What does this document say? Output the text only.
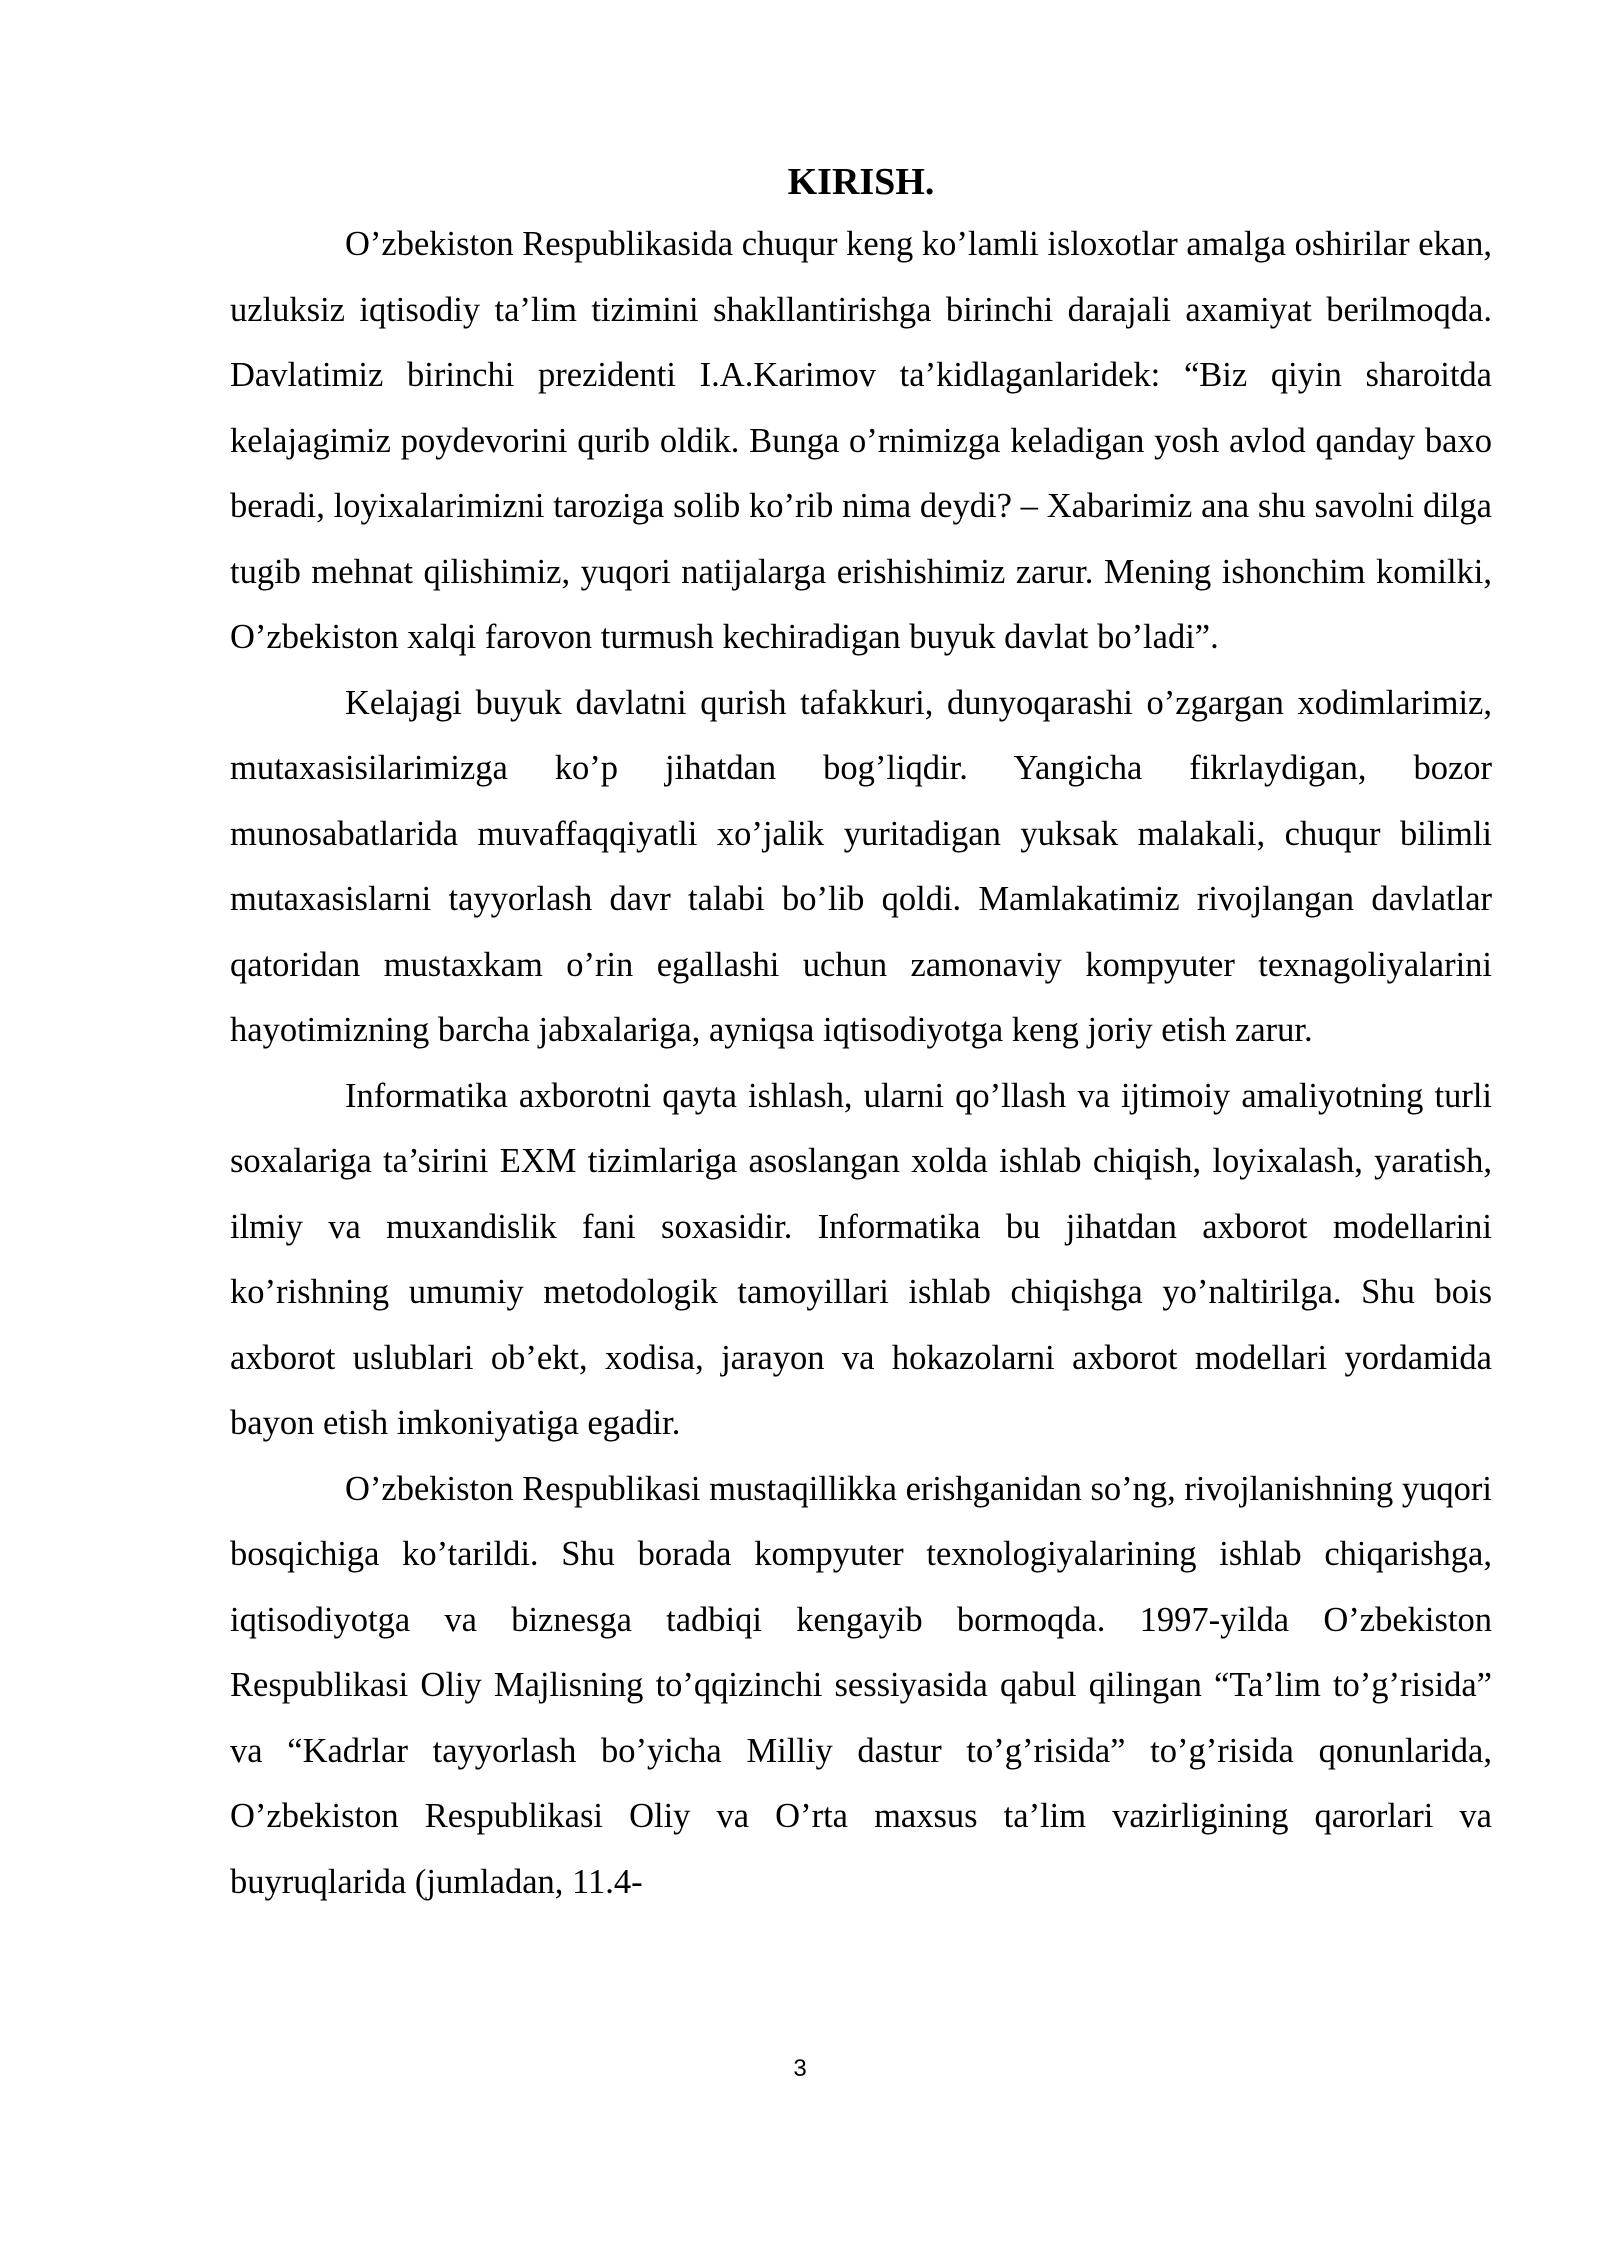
KIRISH.

O’zbekiston Respublikasida chuqur keng ko’lamli isloxotlar amalga oshirilar ekan, uzluksiz iqtisodiy ta’lim tizimini shakllantirishga birinchi darajali axamiyat berilmoqda. Davlatimiz birinchi prezidenti I.A.Karimov ta’kidlaganlaridek: “Biz qiyin sharoitda kelajagimiz poydevorini qurib oldik. Bunga o’rnimizga keladigan yosh avlod qanday baxo beradi, loyixalarimizni taroziga solib ko’rib nima deydi? – Xabarimiz ana shu savolni dilga tugib mehnat qilishimiz, yuqori natijalarga erishishimiz zarur. Mening ishonchim komilki, O’zbekiston xalqi farovon turmush kechiradigan buyuk davlat bo’ladi”.

Kelajagi buyuk davlatni qurish tafakkuri, dunyoqarashi o’zgargan xodimlarimiz, mutaxasisilarimizga ko’p jihatdan bog’liqdir. Yangicha fikrlaydigan, bozor munosabatlarida muvaffaqqiyatli xo’jalik yuritadigan yuksak malakali, chuqur bilimli mutaxasislarni tayyorlash davr talabi bo’lib qoldi. Mamlakatimiz rivojlangan davlatlar qatoridan mustaxkam o’rin egallashi uchun zamonaviy kompyuter texnagoliyalarini hayotimizning barcha jabxalariga, ayniqsa iqtisodiyotga keng joriy etish zarur.

Informatika axborotni qayta ishlash, ularni qo’llash va ijtimoiy amaliyotning turli soxalariga ta’sirini EXM tizimlariga asoslangan xolda ishlab chiqish, loyixalash, yaratish, ilmiy va muxandislik fani soxasidir. Informatika bu jihatdan axborot modellarini ko’rishning umumiy metodologik tamoyillari ishlab chiqishga yo’naltirilga. Shu bois axborot uslublari ob’ekt, xodisa, jarayon va hokazolarni axborot modellari yordamida bayon etish imkoniyatiga egadir.

O’zbekiston Respublikasi mustaqillikka erishganidan so’ng, rivojlanishning yuqori bosqichiga ko’tarildi. Shu borada kompyuter texnologiyalarining ishlab chiqarishga, iqtisodiyotga va biznesga tadbiqi kengayib bormoqda. 1997-yilda O’zbekiston Respublikasi Oliy Majlisning to’qqizinchi sessiyasida qabul qilingan “Ta’lim to’g’risida” va “Kadrlar tayyorlash bo’yicha Milliy dastur to’g’risida” to’g’risida qonunlarida, O’zbekiston Respublikasi Oliy va O’rta maxsus ta’lim vazirligining qarorlari va buyruqlarida (jumladan, 11.4-

3
